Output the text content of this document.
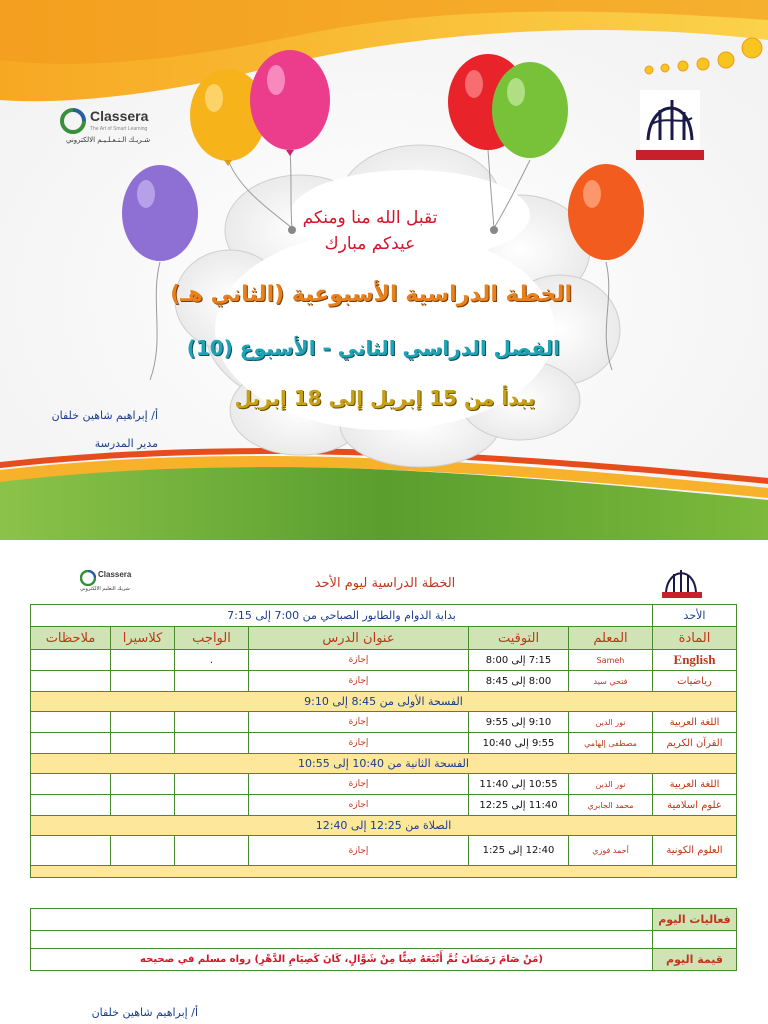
Classera
The Art of Smart Learning
شـريـك الـتـعـلـيـم الالكتروني
تقبل الله منا ومنكم
عيدكم مبارك
الخطة الدراسية الأسبوعية (الثاني هـ)
الفصل الدراسي الثاني - الأسبوع (10)
يبدأ من 15 إبريل إلى 18 إبريل
أ/ إبراهيم شاهين خلفان
مدير المدرسة
Classera
شريك التعليم الالكتروني	الخطة الدراسية ليوم الأحد
الأحد	بداية الدوام والطابور الصباحي من 7:00 إلى 7:15					
المادة	المعلم	التوقيت	عنوان الدرس	الواجب	كلاسيرا	ملاحظات
English	Sameh	7:15 إلى 8:00	إجازة	.		
رياضيات	فتحي سيد	8:00 إلى 8:45	إجازة			
الفسحة الأولى من 8:45 إلى 9:10						
اللغة العربية	نور الدين	9:10 إلى 9:55	إجازة			
القرآن الكريم	مصطفى إلهامي	9:55 إلى 10:40	إجازة			
الفسحة الثانية من 10:40 إلى 10:55						
اللغة العربية	نور الدين	10:55 إلى 11:40	إجازة			
علوم اسلامية	محمد الجابري	11:40 إلى 12:25	اجازه			
الصلاة من 12:25 إلى 12:40						
العلوم الكونية	أحمد فوزي	12:40 إلى 1:25	إجازة			

فعاليات اليوم	

قيمة اليوم	(مَنْ صَامَ رَمَضَانَ ثُمَّ أَتْبَعَهُ سِتًّا مِنْ شَوَّالٍ، كَانَ كَصِيَامِ الدَّهْرِ) رواه مسلم في صحيحه
أ/ إبراهيم شاهين خلفان
